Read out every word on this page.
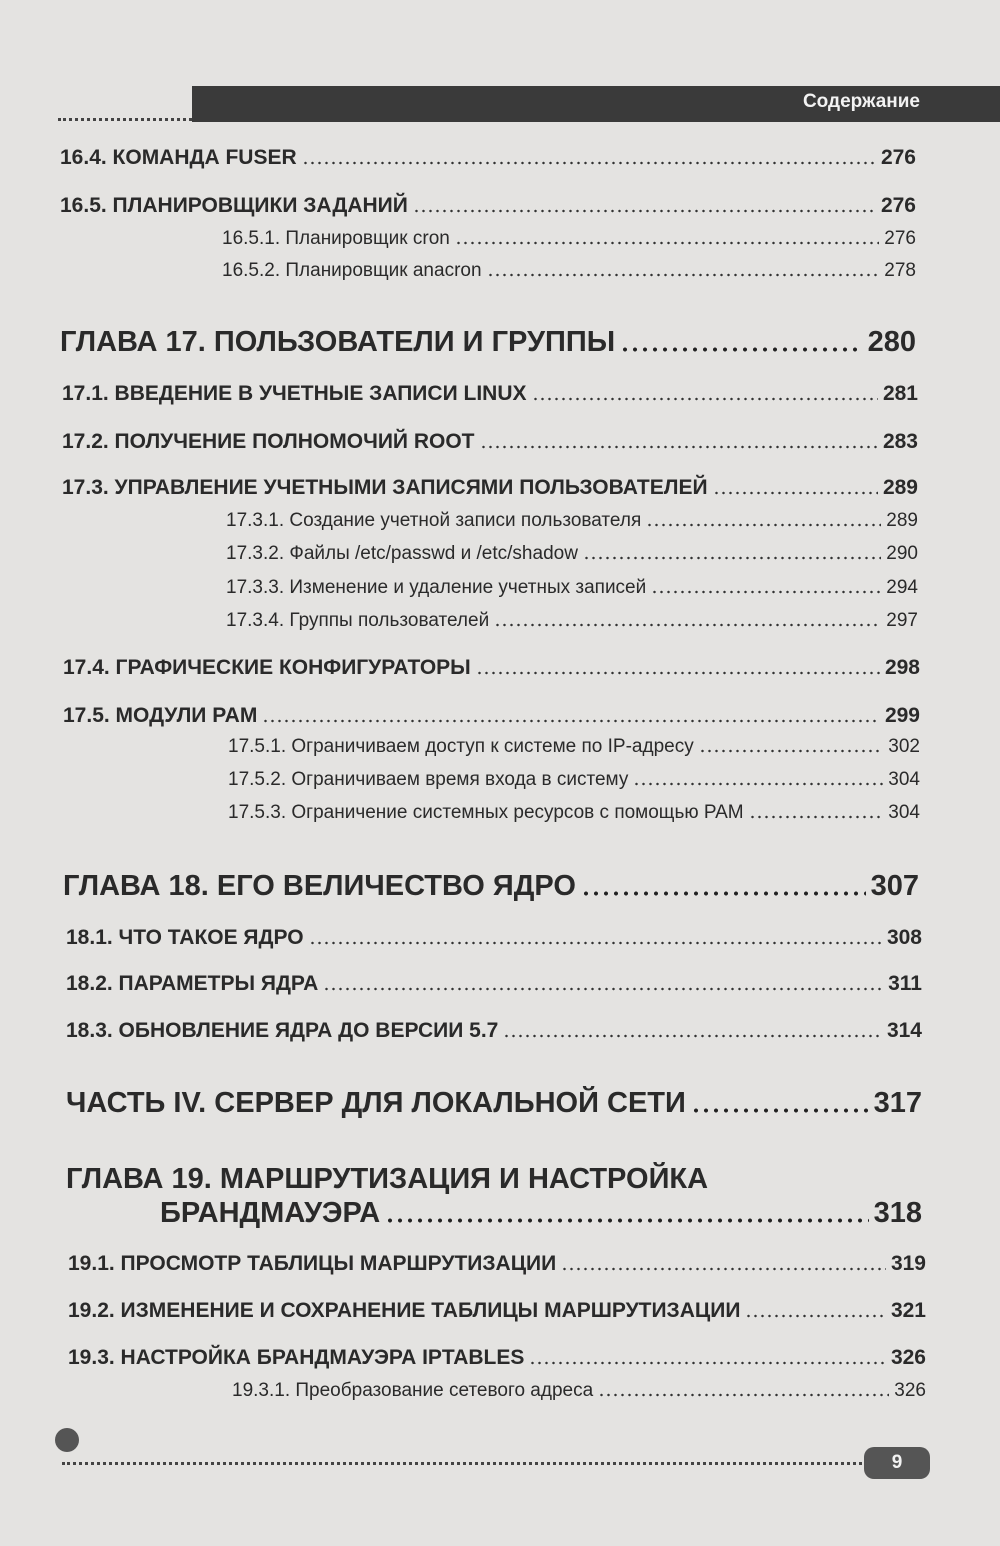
Содержание
16.4. КОМАНДА FUSER	276
16.5. ПЛАНИРОВЩИКИ ЗАДАНИЙ	276
16.5.1. Планировщик cron	276
16.5.2. Планировщик anacron	278
ГЛАВА 17. ПОЛЬЗОВАТЕЛИ И ГРУППЫ	280
17.1. ВВЕДЕНИЕ В УЧЕТНЫЕ ЗАПИСИ LINUX	281
17.2. ПОЛУЧЕНИЕ ПОЛНОМОЧИЙ ROOT	283
17.3. УПРАВЛЕНИЕ УЧЕТНЫМИ ЗАПИСЯМИ ПОЛЬЗОВАТЕЛЕЙ	289
17.3.1. Создание учетной записи пользователя	289
17.3.2. Файлы /etc/passwd и /etc/shadow	290
17.3.3. Изменение и удаление учетных записей	294
17.3.4. Группы пользователей	297
17.4. ГРАФИЧЕСКИЕ КОНФИГУРАТОРЫ	298
17.5. МОДУЛИ PAM	299
17.5.1. Ограничиваем доступ к системе по IP-адресу	302
17.5.2. Ограничиваем время входа в систему	304
17.5.3. Ограничение системных ресурсов с помощью PAM	304
ГЛАВА 18. ЕГО ВЕЛИЧЕСТВО ЯДРО	307
18.1. ЧТО ТАКОЕ ЯДРО	308
18.2. ПАРАМЕТРЫ ЯДРА	311
18.3. ОБНОВЛЕНИЕ ЯДРА ДО ВЕРСИИ 5.7	314
ЧАСТЬ IV. СЕРВЕР ДЛЯ ЛОКАЛЬНОЙ СЕТИ	317
ГЛАВА 19. МАРШРУТИЗАЦИЯ И НАСТРОЙКА
БРАНДМАУЭРА	318
19.1. ПРОСМОТР ТАБЛИЦЫ МАРШРУТИЗАЦИИ	319
19.2. ИЗМЕНЕНИЕ И СОХРАНЕНИЕ ТАБЛИЦЫ МАРШРУТИЗАЦИИ	321
19.3. НАСТРОЙКА БРАНДМАУЭРА IPTABLES	326
19.3.1. Преобразование сетевого адреса	326
9
